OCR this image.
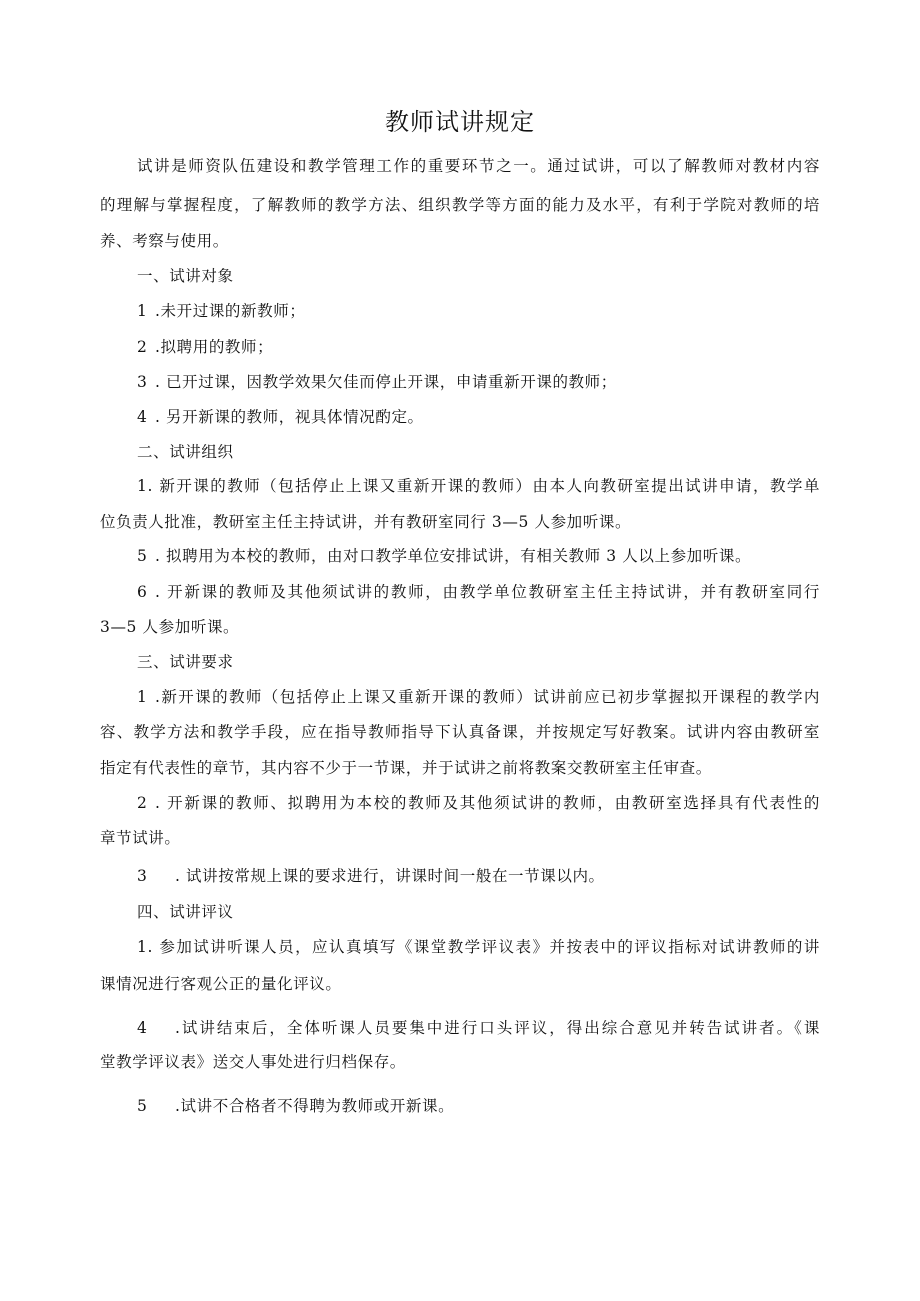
教师试讲规定
试讲是师资队伍建设和教学管理工作的重要环节之一。通过试讲，可以了解教师对教材内容
的理解与掌握程度，了解教师的教学方法、组织教学等方面的能力及水平，有利于学院对教师的培
养、考察与使用。
一、试讲对象
1 .未开过课的新教师；
2 .拟聘用的教师；
3 . 已开过课，因教学效果欠佳而停止开课，申请重新开课的教师；
4 . 另开新课的教师，视具体情况酌定。
二、试讲组织
1. 新开课的教师（包括停止上课又重新开课的教师）由本人向教研室提出试讲申请，教学单
位负责人批准，教研室主任主持试讲，并有教研室同行 3—5 人参加听课。
5 . 拟聘用为本校的教师，由对口教学单位安排试讲，有相关教师 3 人以上参加听课。
6 . 开新课的教师及其他须试讲的教师，由教学单位教研室主任主持试讲，并有教研室同行
3—5 人参加听课。
三、试讲要求
1 .新开课的教师（包括停止上课又重新开课的教师）试讲前应已初步掌握拟开课程的教学内
容、教学方法和教学手段，应在指导教师指导下认真备课，并按规定写好教案。试讲内容由教研室
指定有代表性的章节，其内容不少于一节课，并于试讲之前将教案交教研室主任审查。
2 . 开新课的教师、拟聘用为本校的教师及其他须试讲的教师，由教研室选择具有代表性的
章节试讲。
3 . 试讲按常规上课的要求进行，讲课时间一般在一节课以内。
四、试讲评议
1. 参加试讲听课人员，应认真填写《课堂教学评议表》并按表中的评议指标对试讲教师的讲
课情况进行客观公正的量化评议。
4 .试讲结束后，全体听课人员要集中进行口头评议，得出综合意见并转告试讲者。《课
堂教学评议表》送交人事处进行归档保存。
5 .试讲不合格者不得聘为教师或开新课。
